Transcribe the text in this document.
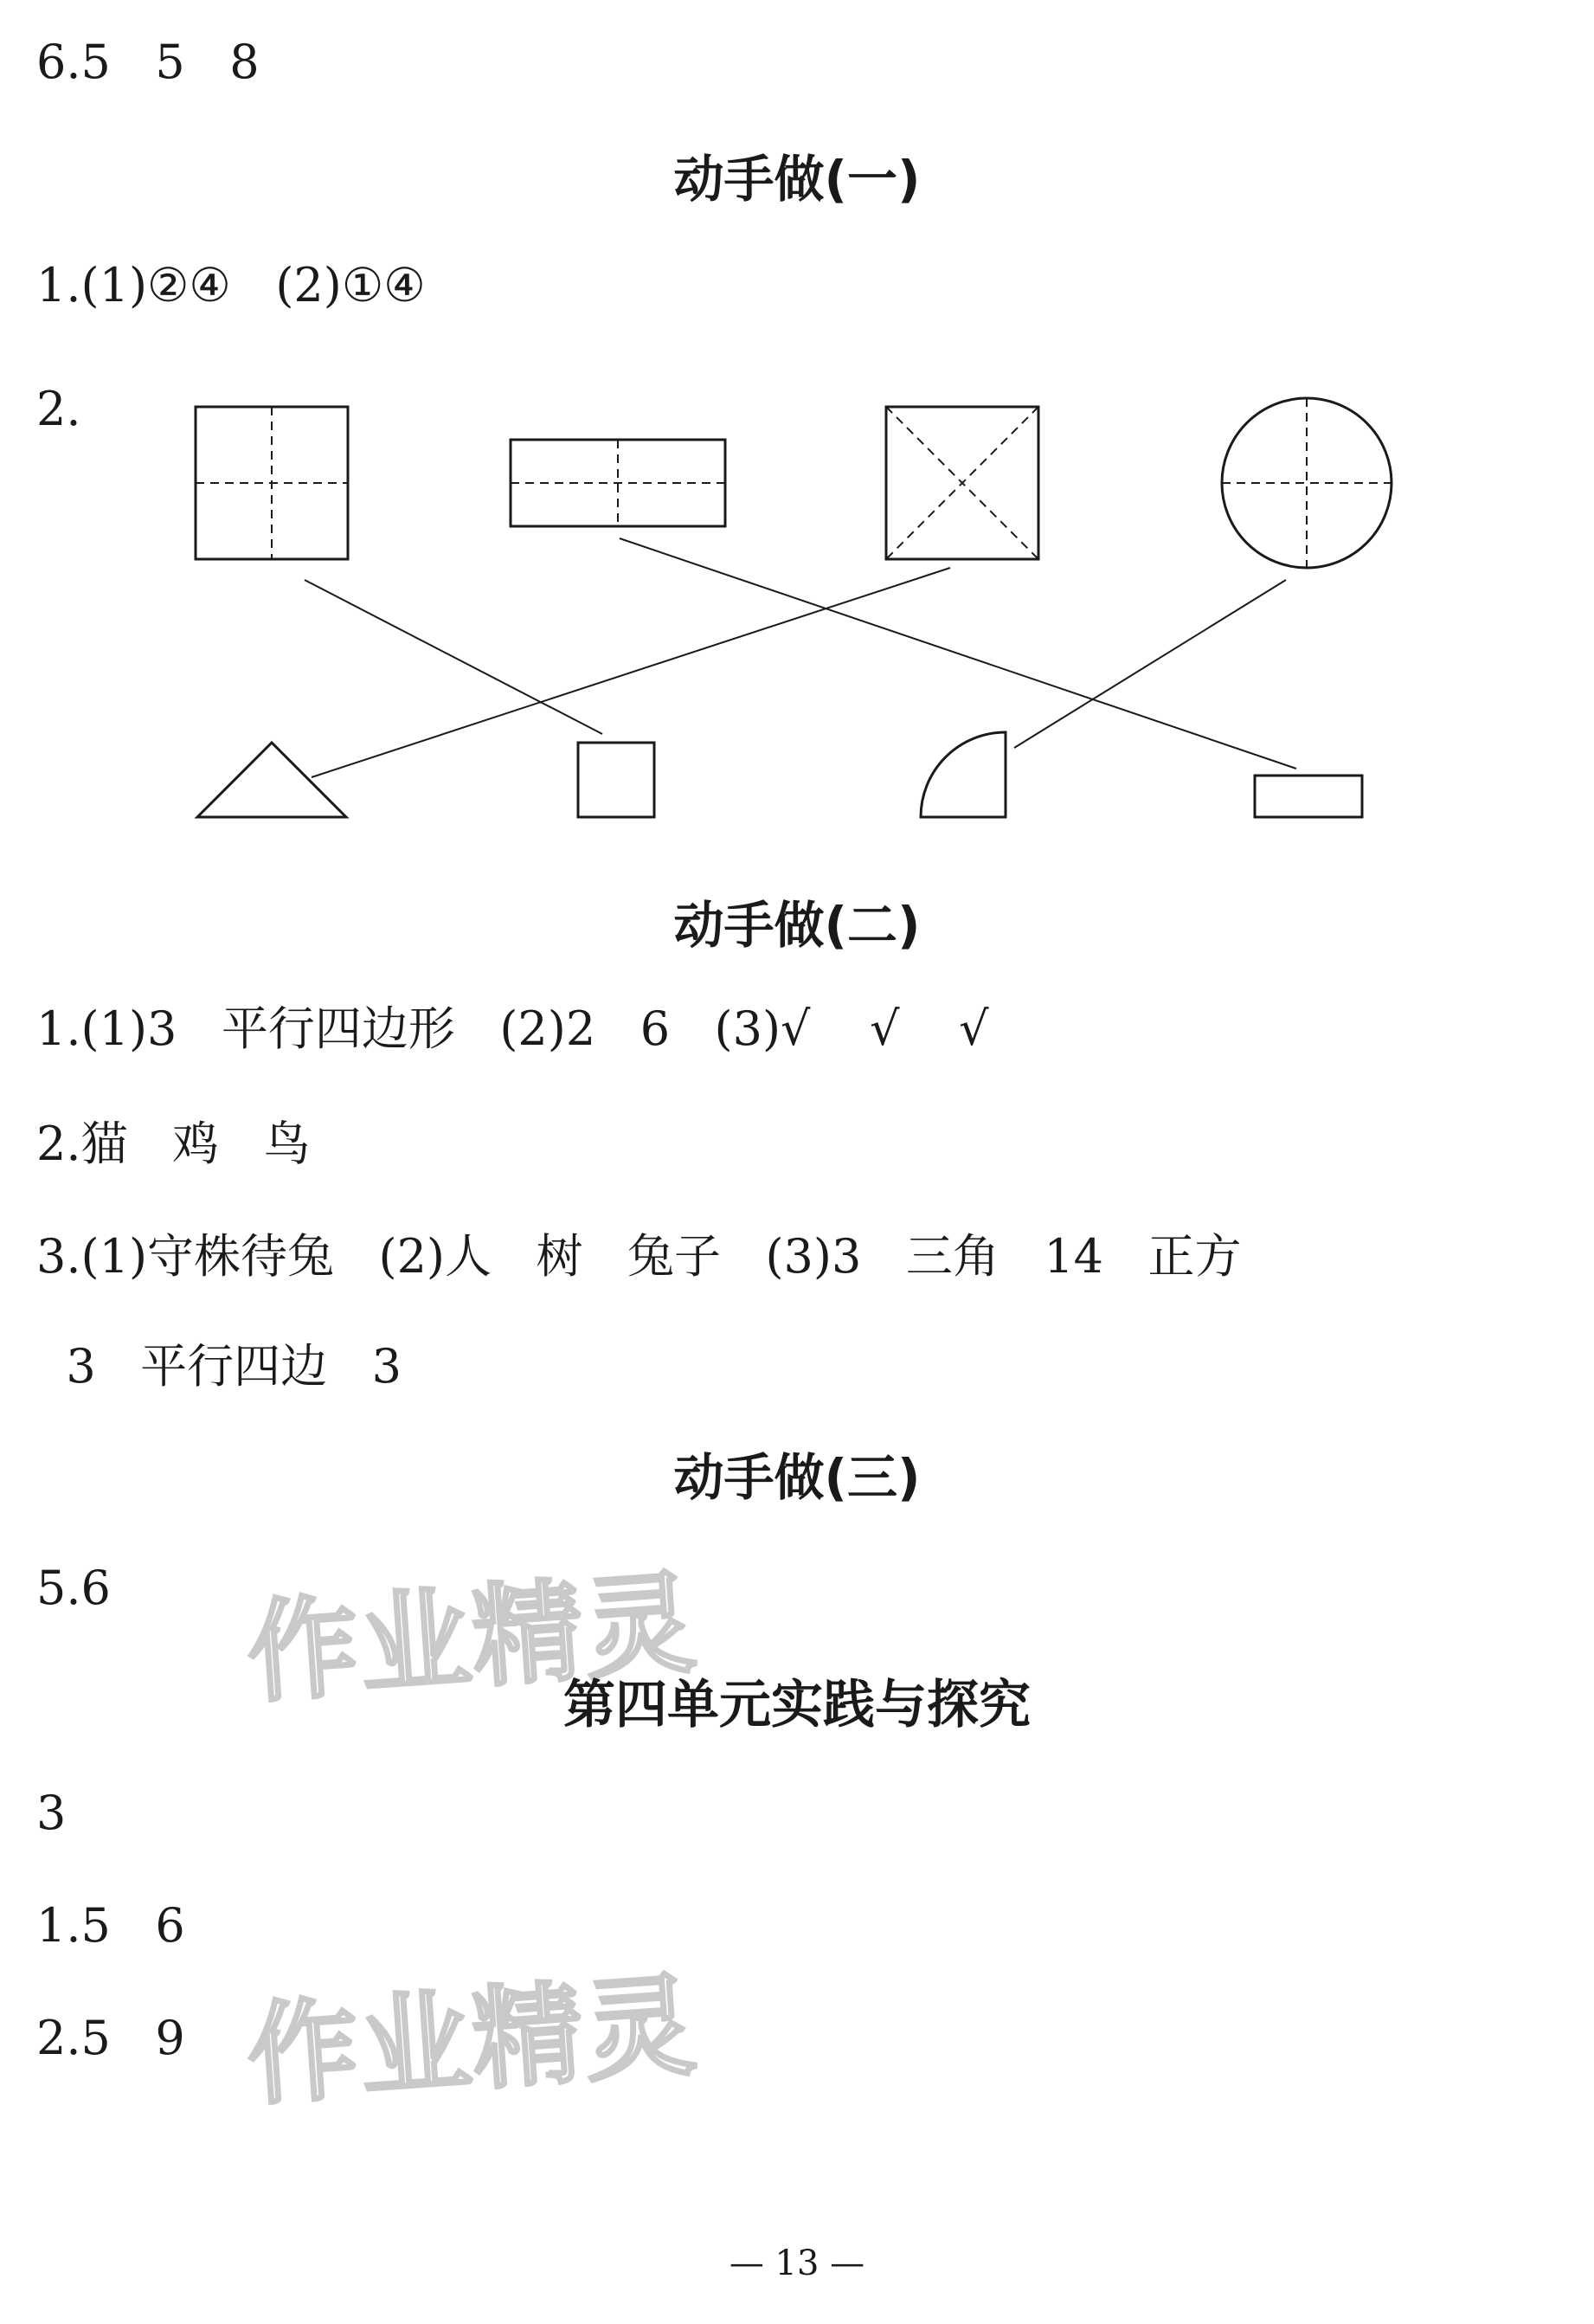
6.5   5   8
动手做(一)
1.(1)②④   (2)①④
2.
动手做(二)
1.(1)3   平行四边形   (2)2   6   (3)√    √    √
2.猫   鸡   鸟
3.(1)守株待兔   (2)人   树   兔子   (3)3   三角   14   正方
3   平行四边   3
动手做(三)
5.6 作业精灵
第四单元实践与探究
3
1.5   6
2.5   9 作业精灵
— 13 —
